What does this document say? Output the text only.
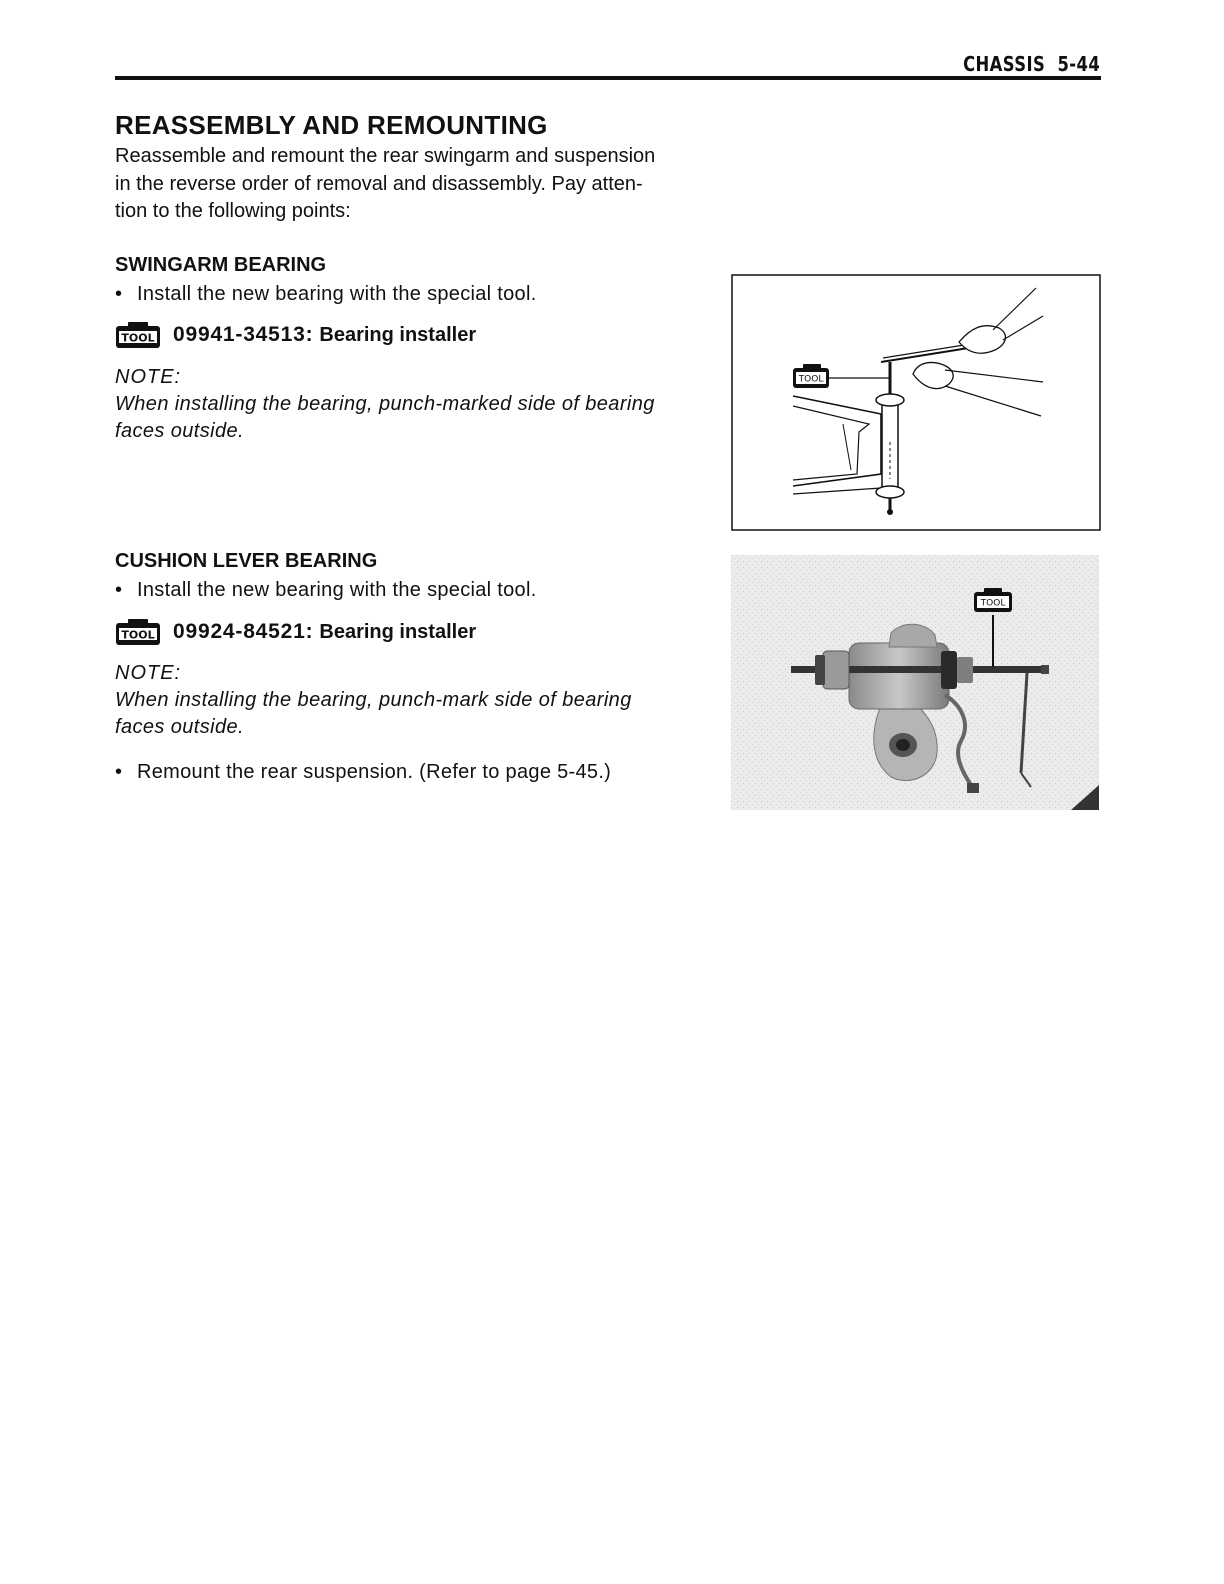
CHASSIS 5-44
REASSEMBLY AND REMOUNTING
Reassemble and remount the rear swingarm and suspension
in the reverse order of removal and disassembly. Pay atten-
tion to the following points:
SWINGARM BEARING
• Install the new bearing with the special tool.
TOOL 09941-34513: Bearing installer
NOTE:
When installing the bearing, punch-marked side of bearing
faces outside.
CUSHION LEVER BEARING
• Install the new bearing with the special tool.
TOOL 09924-84521: Bearing installer
NOTE:
When installing the bearing, punch-mark side of bearing
faces outside.
• Remount the rear suspension. (Refer to page 5-45.)
TOOL
TOOL
